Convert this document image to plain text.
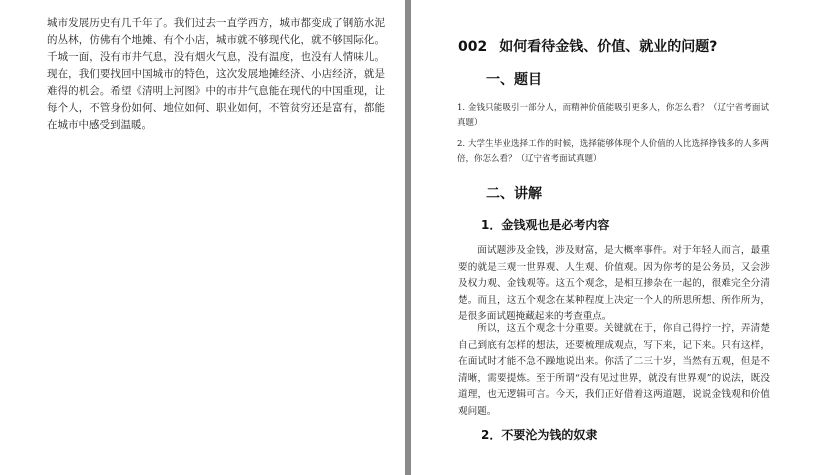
城市发展历史有几千年了。我们过去一直学西方，城市都变成了钢筋水泥的丛林，仿佛有个地摊、有个小店，城市就不够现代化，就不够国际化。千城一面，没有市井气息，没有烟火气息，没有温度，也没有人情味儿。现在，我们要找回中国城市的特色，这次发展地摊经济、小店经济，就是难得的机会。希望《清明上河图》中的市井气息能在现代的中国重现，让每个人，不管身份如何、地位如何、职业如何，不管贫穷还是富有，都能在城市中感受到温暖。

002 如何看待金钱、价值、就业的问题?
一、题目

1. 金钱只能吸引一部分人，而精神价值能吸引更多人，你怎么看？（辽宁省考面试真题）

2. 大学生毕业选择工作的时候，选择能够体现个人价值的人比选择挣钱多的人多两倍，你怎么看？（辽宁省考面试真题）

二、讲解
1．金钱观也是必考内容

面试题涉及金钱，涉及财富，是大概率事件。对于年轻人而言，最重要的就是三观一世界观、人生观、价值观。因为你考的是公务员，又会涉及权力观、金钱观等。这五个观念，是相互掺杂在一起的，很难完全分清楚。而且，这五个观念在某种程度上决定一个人的所思所想、所作所为，是很多面试题掩藏起来的考查重点。

所以，这五个观念十分重要。关键就在于，你自己得拧一拧，弄清楚自己到底有怎样的想法，还要梳理成观点，写下来，记下来。只有这样，在面试时才能不急不躁地说出来。你活了二三十岁，当然有五观，但是不清晰，需要提炼。至于所谓“没有见过世界，就没有世界观”的说法，既没道理，也无逻辑可言。今天，我们正好借着这两道题，说说金钱观和价值观问题。

2．不要沦为钱的奴隶
